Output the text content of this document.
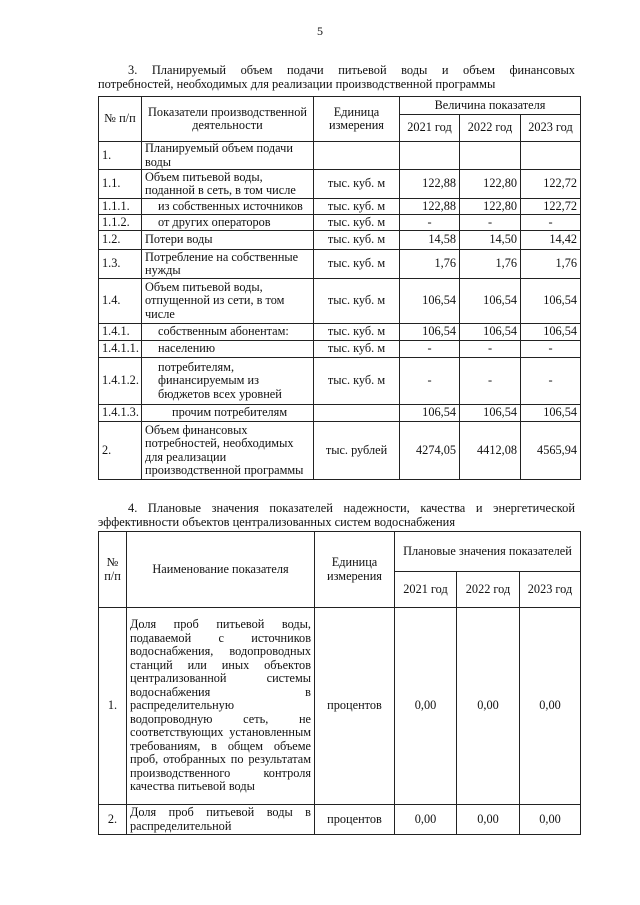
5
3. Планируемый объем подачи питьевой воды и объем финансовых
потребностей, необходимых для реализации производственной программы
№ п/п	Показатели производственной деятельности	Единица измерения	Величина показателя		
			2021 год	2022 год	2023 год
1.	Планируемый объем подачи воды				
1.1.	Объем питьевой воды, поданной в сеть, в том числе	тыс. куб. м	122,88	122,80	122,72
1.1.1.	из собственных источников	тыс. куб. м	122,88	122,80	122,72
1.1.2.	от других операторов	тыс. куб. м	-	-	-
1.2.	Потери воды	тыс. куб. м	14,58	14,50	14,42
1.3.	Потребление на собственные нужды	тыс. куб. м	1,76	1,76	1,76
1.4.	Объем питьевой воды, отпущенной из сети, в том числе	тыс. куб. м	106,54	106,54	106,54
1.4.1.	собственным абонентам:	тыс. куб. м	106,54	106,54	106,54
1.4.1.1.	населению	тыс. куб. м	-	-	-
1.4.1.2.	потребителям, финансируемым из бюджетов всех уровней	тыс. куб. м	-	-	-
1.4.1.3.	прочим потребителям		106,54	106,54	106,54
2.	Объем финансовых потребностей, необходимых для реализации производственной программы	тыс. рублей	4274,05	4412,08	4565,94
4. Плановые значения показателей надежности, качества и энергетической
эффективности объектов централизованных систем водоснабжения
№ п/п	Наименование показателя	Единица измерения	Плановые значения показателей		
			2021 год	2022 год	2023 год
1.	Доля проб питьевой воды, подаваемой с источников водоснабжения, водопроводных станций или иных объектов централизованной системы водоснабжения в распределительную водопроводную сеть, не соответствующих установленным требованиям, в общем объеме проб, отобранных по результатам производственного контроля качества питьевой воды	процентов	0,00	0,00	0,00
2.	Доля проб питьевой воды в распределительной	процентов	0,00	0,00	0,00
